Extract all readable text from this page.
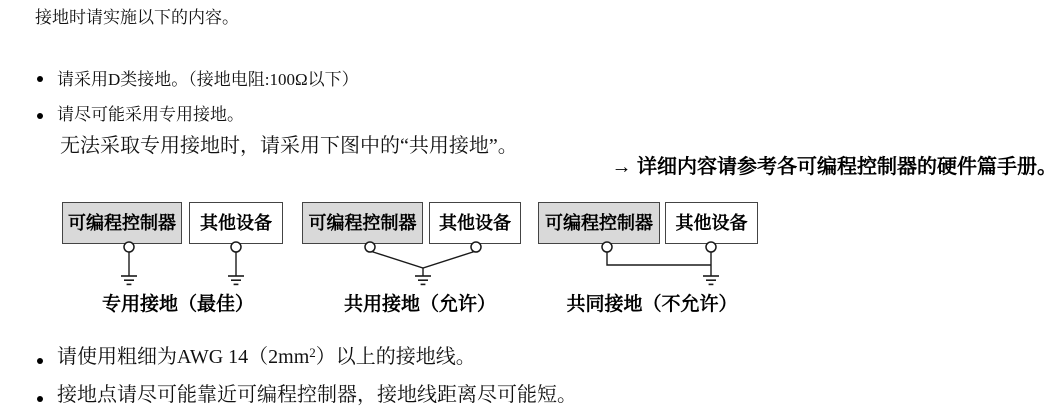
接地时请实施以下的内容。
请采用D类接地。（接地电阻:100Ω以下）
请尽可能采用专用接地。
无法采取专用接地时，请采用下图中的“共用接地”。
→ 详细内容请参考各可编程控制器的硬件篇手册。
可编程控制器 其他设备
专用接地（最佳）
可编程控制器 其他设备
共用接地（允许）
可编程控制器 其他设备
共同接地（不允许）
请使用粗细为AWG $14(2mm^2)$以上的接地线。
接地点请尽可能靠近可编程控制器，接地线距离尽可能短。
